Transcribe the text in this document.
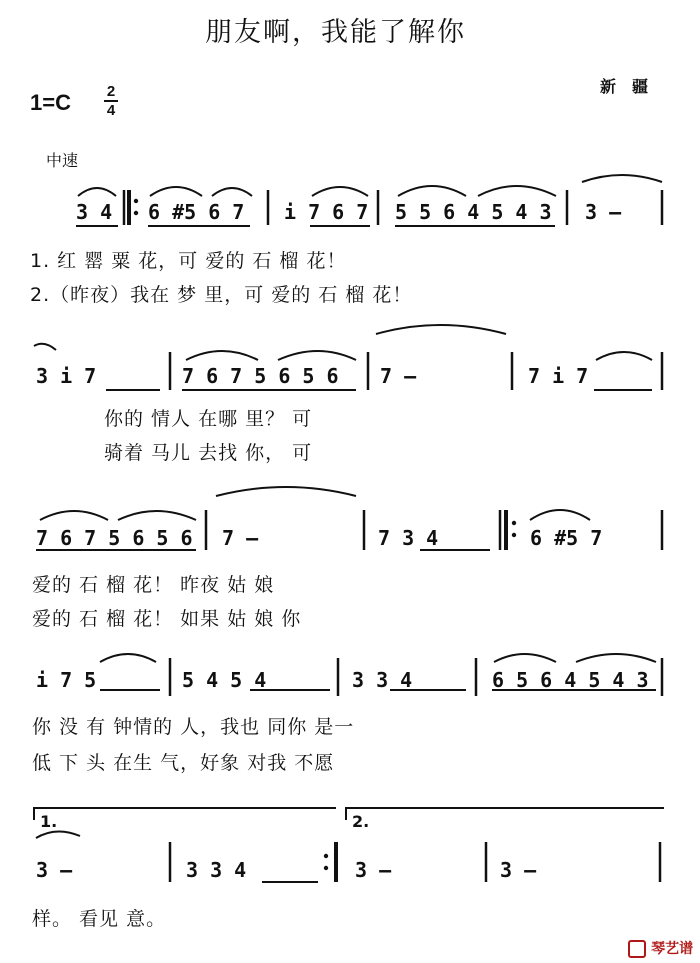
朋友啊，我能了解你
1=C 2
4
新　疆
中速
3 4 6 #5 6 7 i 7 6 7 5 5 6 4 5 4 3 3 –
1. 红 罂 粟 花，可 爱的 石 榴 花！
2.（昨夜）我在 梦 里，可 爱的 石 榴 花！
3 i 7	7 6 7 5 6 5 6 7 –	7 i 7
你的 情人 在哪 里？ 可
骑着 马儿 去找 你， 可
7 6 7 5 6 5 6 7 –	7 3 4	6 #5 7
爱的 石 榴 花！ 昨夜 姑 娘
爱的 石 榴 花！ 如果 姑 娘 你
i 7 5	5 4 5 4	3 3 4	6 5 6 4 5 4 3
你 没 有 钟情的 人，我也 同你 是一
低 下 头 在生 气，好象 对我 不愿
1.	2.
3 –	3 3 4	3 –	3 –
样。 看见 意。
琴艺谱
